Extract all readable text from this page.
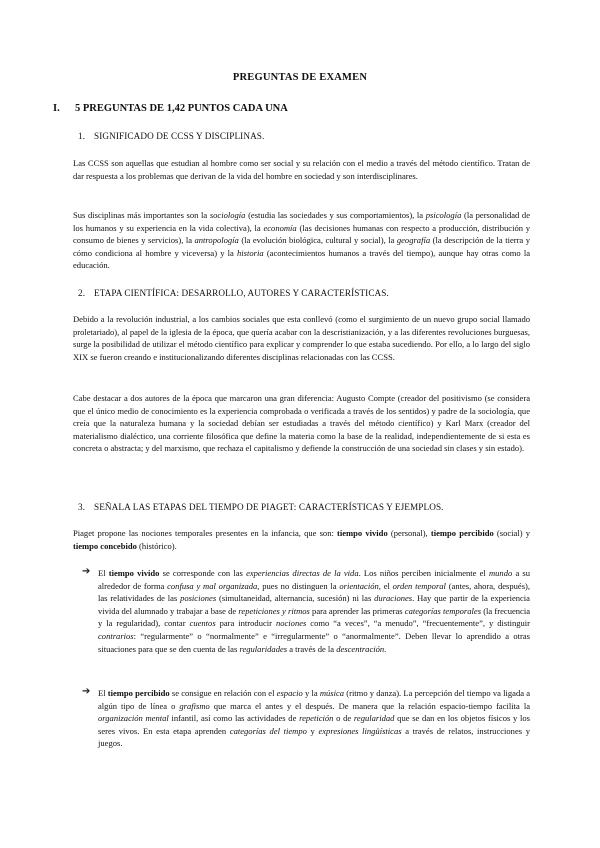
PREGUNTAS DE EXAMEN
I. 5 PREGUNTAS DE 1,42 PUNTOS CADA UNA
1. SIGNIFICADO DE CCSS Y DISCIPLINAS.
Las CCSS son aquellas que estudian al hombre como ser social y su relación con el medio a través del método científico. Tratan de dar respuesta a los problemas que derivan de la vida del hombre en sociedad y son interdisciplinares.
Sus disciplinas más importantes son la sociología (estudia las sociedades y sus comportamientos), la psicología (la personalidad de los humanos y su experiencia en la vida colectiva), la economía (las decisiones humanas con respecto a producción, distribución y consumo de bienes y servicios), la antropología (la evolución biológica, cultural y social), la geografía (la descripción de la tierra y cómo condiciona al hombre y viceversa) y la historia (acontecimientos humanos a través del tiempo), aunque hay otras como la educación.
2. ETAPA CIENTÍFICA: DESARROLLO, AUTORES Y CARACTERÍSTICAS.
Debido a la revolución industrial, a los cambios sociales que esta conllevó (como el surgimiento de un nuevo grupo social llamado proletariado), al papel de la iglesia de la época, que quería acabar con la descristianización, y a las diferentes revoluciones burguesas, surge la posibilidad de utilizar el método científico para explicar y comprender lo que estaba sucediendo. Por ello, a lo largo del siglo XIX se fueron creando e institucionalizando diferentes disciplinas relacionadas con las CCSS.
Cabe destacar a dos autores de la época que marcaron una gran diferencia: Augusto Compte (creador del positivismo (se considera que el único medio de conocimiento es la experiencia comprobada o verificada a través de los sentidos) y padre de la sociología, que creía que la naturaleza humana y la sociedad debían ser estudiadas a través del método científico) y Karl Marx (creador del materialismo dialéctico, una corriente filosófica que define la materia como la base de la realidad, independientemente de si esta es concreta o abstracta; y del marxismo, que rechaza el capitalismo y defiende la construcción de una sociedad sin clases y sin estado).
3. SEÑALA LAS ETAPAS DEL TIEMPO DE PIAGET: CARACTERÍSTICAS Y EJEMPLOS.
Piaget propone las nociones temporales presentes en la infancia, que son: tiempo vivido (personal), tiempo percibido (social) y tiempo concebido (histórico).
➔ El tiempo vivido se corresponde con las experiencias directas de la vida. Los niños perciben inicialmente el mundo a su alrededor de forma confusa y mal organizada, pues no distinguen la orientación, el orden temporal (antes, ahora, después), las relatividades de las posiciones (simultaneidad, alternancia, sucesión) ni las duraciones. Hay que partir de la experiencia vivida del alumnado y trabajar a base de repeticiones y ritmos para aprender las primeras categorías temporales (la frecuencia y la regularidad), contar cuentos para introducir nociones como “a veces”, “a menudo”, “frecuentemente”, y distinguir contrarios: “regularmente” o “normalmente” e “irregularmente” o “anormalmente”. Deben llevar lo aprendido a otras situaciones para que se den cuenta de las regularidades a través de la descentración.
➔ El tiempo percibido se consigue en relación con el espacio y la música (ritmo y danza). La percepción del tiempo va ligada a algún tipo de línea o grafismo que marca el antes y el después. De manera que la relación espacio-tiempo facilita la organización mental infantil, así como las actividades de repetición o de regularidad que se dan en los objetos físicos y los seres vivos. En esta etapa aprenden categorías del tiempo y expresiones lingüísticas a través de relatos, instrucciones y juegos.
